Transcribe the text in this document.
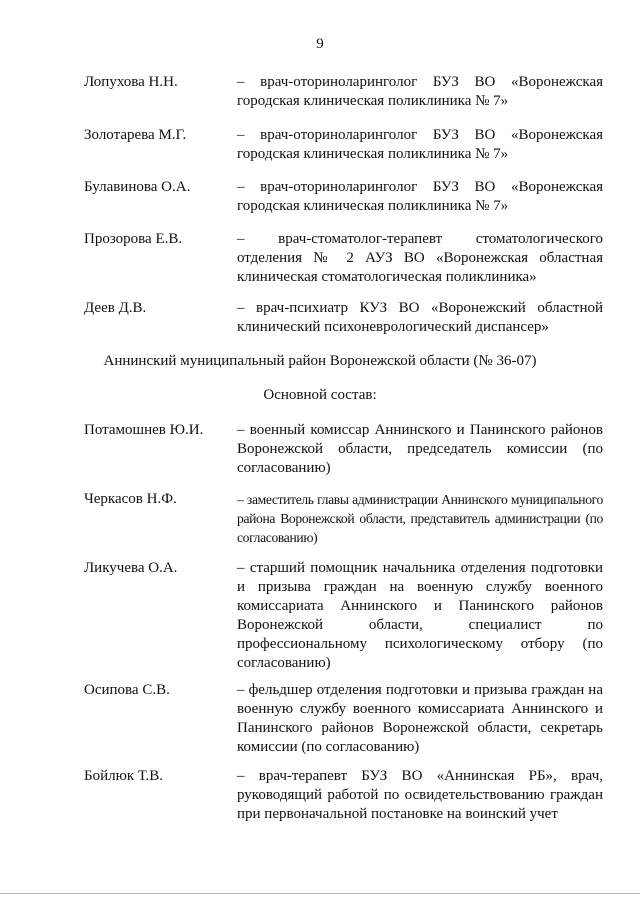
9
Лопухова Н.Н.	– врач-оториноларинголог БУЗ ВО «Воронежская городская клиническая поликлиника № 7»
Золотарева М.Г.	– врач-оториноларинголог БУЗ ВО «Воронежская городская клиническая поликлиника № 7»
Булавинова О.А.	– врач-оториноларинголог БУЗ ВО «Воронежская городская клиническая поликлиника № 7»
Прозорова Е.В.	– врач-стоматолог-терапевт стоматологического отделения № 2 АУЗ ВО «Воронежская областная клиническая стоматологическая поликлиника»
Деев Д.В.	– врач-психиатр КУЗ ВО «Воронежский областной клинический психоневрологический диспансер»
Аннинский муниципальный район Воронежской области (№ 36-07)
Основной состав:
Потамошнев Ю.И. – военный комиссар Аннинского и Панинского районов Воронежской области, председатель комиссии (по согласованию)
Черкасов Н.Ф.	– заместитель главы администрации Аннинского муниципального района Воронежской области, представитель администрации (по согласованию)
Ликучева О.А.	– старший помощник начальника отделения подготовки и призыва граждан на военную службу военного комиссариата Аннинского и Панинского районов Воронежской области, специалист по профессиональному психологическому отбору (по согласованию)
Осипова С.В.	– фельдшер отделения подготовки и призыва граждан на военную службу военного комиссариата Аннинского и Панинского районов Воронежской области, секретарь комиссии (по согласованию)
Бойлюк Т.В.	– врач-терапевт БУЗ ВО «Аннинская РБ», врач, руководящий работой по освидетельствованию граждан при первоначальной постановке на воинский учет
